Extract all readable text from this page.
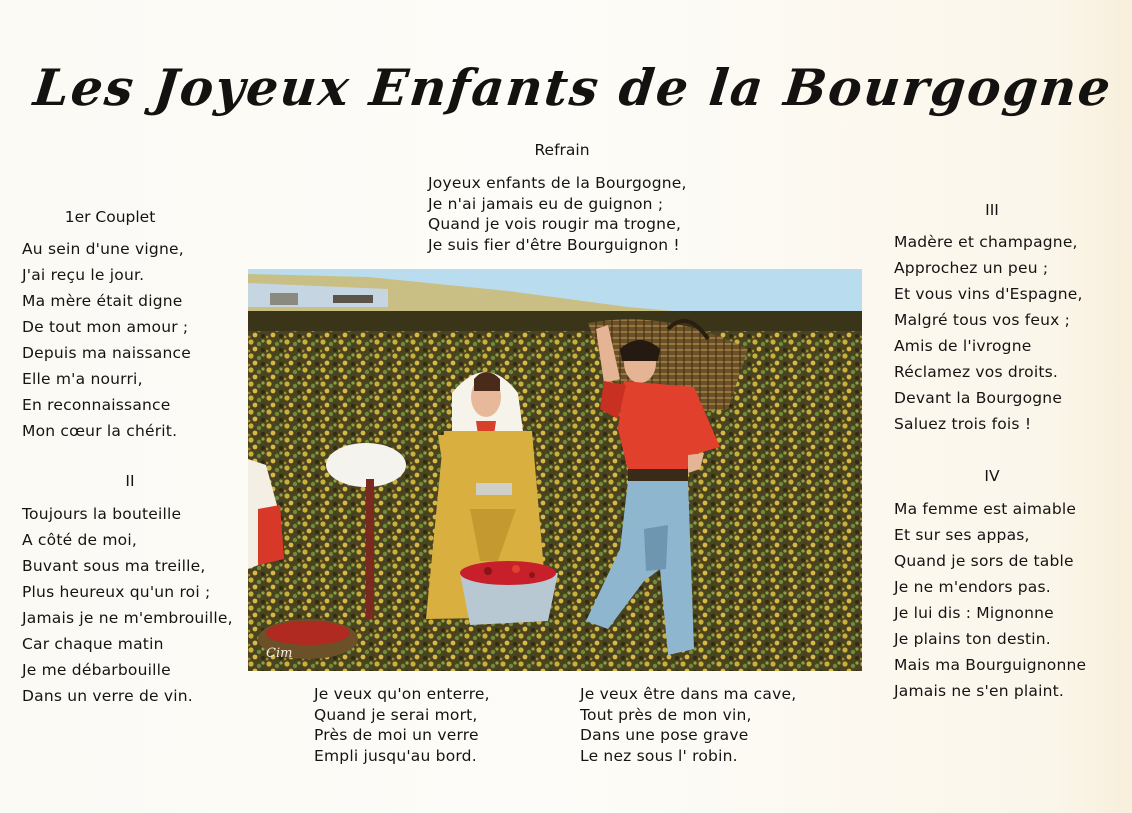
Les Joyeux Enfants de la Bourgogne
Refrain
Joyeux enfants de la Bourgogne,
Je n'ai jamais eu de guignon ;
Quand je vois rougir ma trogne,
Je suis fier d'être Bourguignon !
1er Couplet
Au sein d'une vigne,
J'ai reçu le jour.
Ma mère était digne
De tout mon amour ;
Depuis ma naissance
Elle m'a nourri,
En reconnaissance
Mon cœur la chérit.
II
Toujours la bouteille
A côté de moi,
Buvant sous ma treille,
Plus heureux qu'un roi ;
Jamais je ne m'embrouille,
Car chaque matin
Je me débarbouille
Dans un verre de vin.
III
Madère et champagne,
Approchez un peu ;
Et vous vins d'Espagne,
Malgré tous vos feux ;
Amis de l'ivrogne
Réclamez vos droits.
Devant la Bourgogne
Saluez trois fois !
IV
Ma femme est aimable
Et sur ses appas,
Quand je sors de table
Je ne m'endors pas.
Je lui dis : Mignonne
Je plains ton destin.
Mais ma Bourguignonne
Jamais ne s'en plaint.
Je veux qu'on enterre,
Quand je serai mort,
Près de moi un verre
Empli jusqu'au bord.
Je veux être dans ma cave,
Tout près de mon vin,
Dans une pose grave
Le nez sous l' robin.
Cim
